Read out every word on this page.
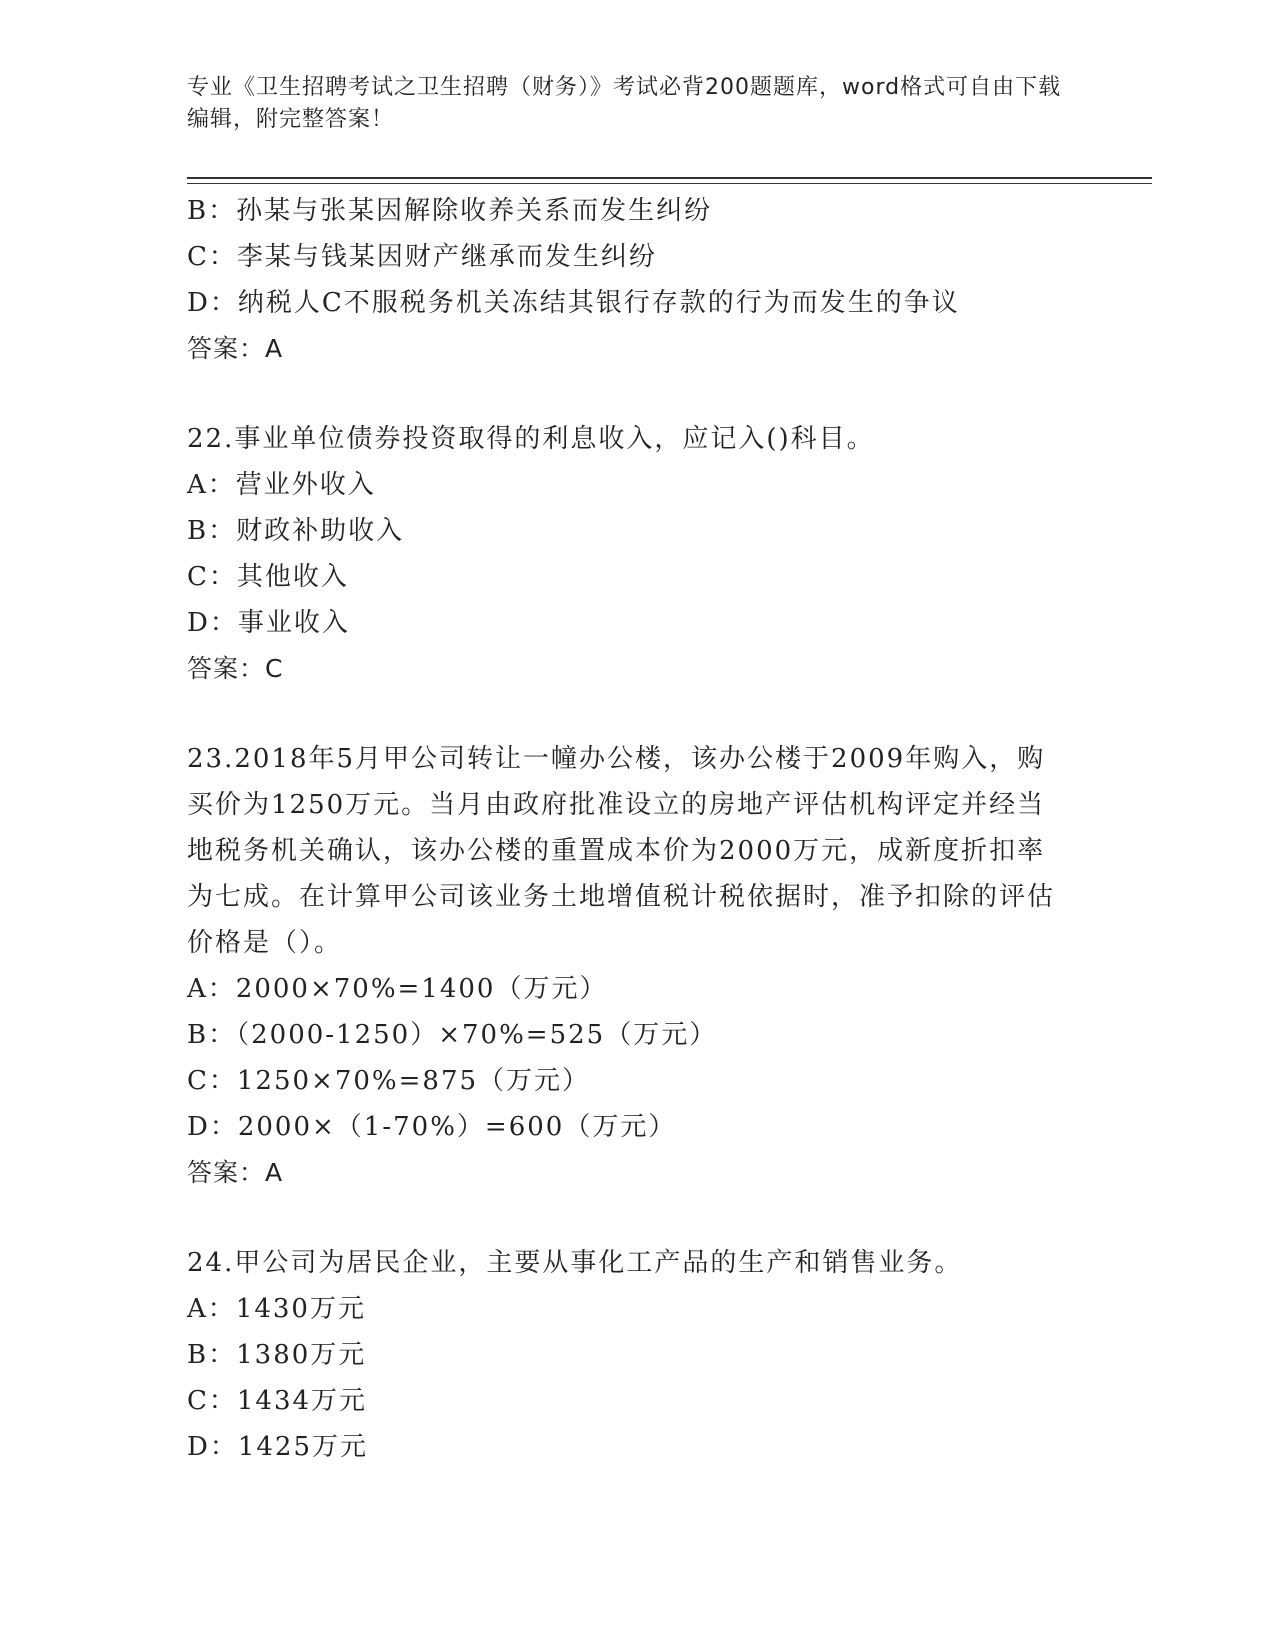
专业《卫生招聘考试之卫生招聘（财务）》考试必背200题题库，word格式可自由下载编辑，附完整答案！
B：孙某与张某因解除收养关系而发生纠纷
C：李某与钱某因财产继承而发生纠纷
D：纳税人C不服税务机关冻结其银行存款的行为而发生的争议
答案：A
22.事业单位债券投资取得的利息收入，应记入()科目。
A：营业外收入
B：财政补助收入
C：其他收入
D：事业收入
答案：C
23.2018年5月甲公司转让一幢办公楼，该办公楼于2009年购入，购买价为1250万元。当月由政府批准设立的房地产评估机构评定并经当地税务机关确认，该办公楼的重置成本价为2000万元，成新度折扣率为七成。在计算甲公司该业务土地增值税计税依据时，准予扣除的评估价格是（）。
A：2000×70%=1400（万元）
B：（2000-1250）×70%=525（万元）
C：1250×70%=875（万元）
D：2000×（1-70%）=600（万元）
答案：A
24.甲公司为居民企业，主要从事化工产品的生产和销售业务。
A：1430万元
B：1380万元
C：1434万元
D：1425万元
